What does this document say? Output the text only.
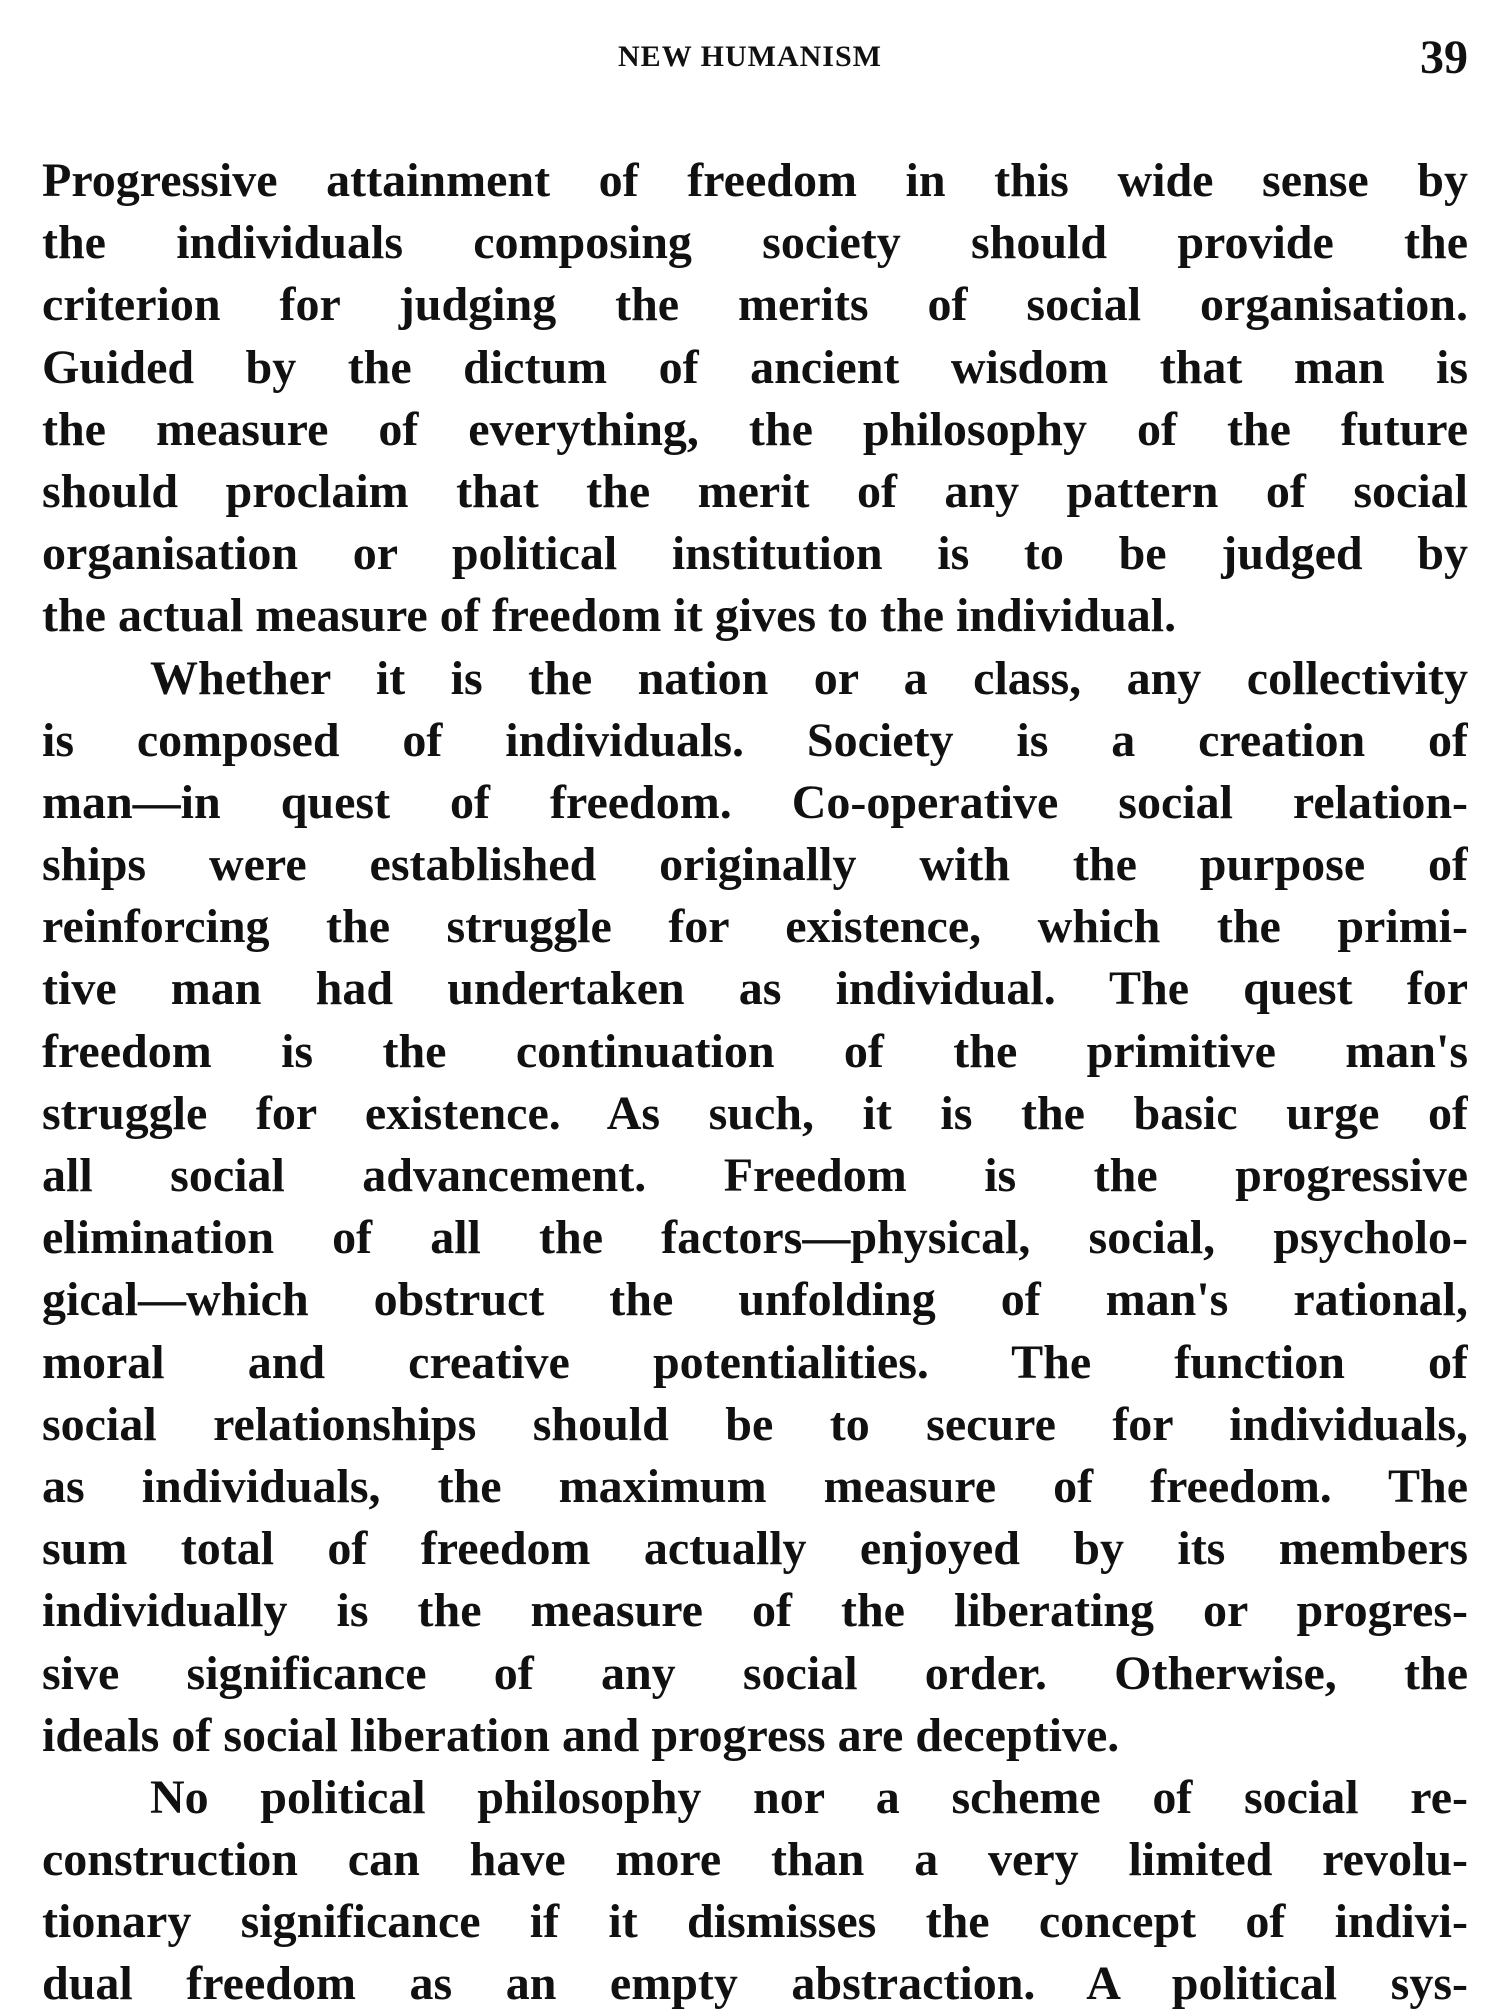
NEW HUMANISM	39
Progressive attainment of freedom in this wide sense by
the individuals composing society should provide the
criterion for judging the merits of social organisation.
Guided by the dictum of ancient wisdom that man is
the measure of everything, the philosophy of the future
should proclaim that the merit of any pattern of social
organisation or political institution is to be judged by
the actual measure of freedom it gives to the individual.
Whether it is the nation or a class, any collectivity
is composed of individuals. Society is a creation of
man—in quest of freedom. Co-operative social relation-
ships were established originally with the purpose of
reinforcing the struggle for existence, which the primi-
tive man had undertaken as individual. The quest for
freedom is the continuation of the primitive man's
struggle for existence. As such, it is the basic urge of
all social advancement. Freedom is the progressive
elimination of all the factors—physical, social, psycholo-
gical—which obstruct the unfolding of man's rational,
moral and creative potentialities. The function of
social relationships should be to secure for individuals,
as individuals, the maximum measure of freedom. The
sum total of freedom actually enjoyed by its members
individually is the measure of the liberating or progres-
sive significance of any social order. Otherwise, the
ideals of social liberation and progress are deceptive.
No political philosophy nor a scheme of social re-
construction can have more than a very limited revolu-
tionary significance if it dismisses the concept of indivi-
dual freedom as an empty abstraction. A political sys-
